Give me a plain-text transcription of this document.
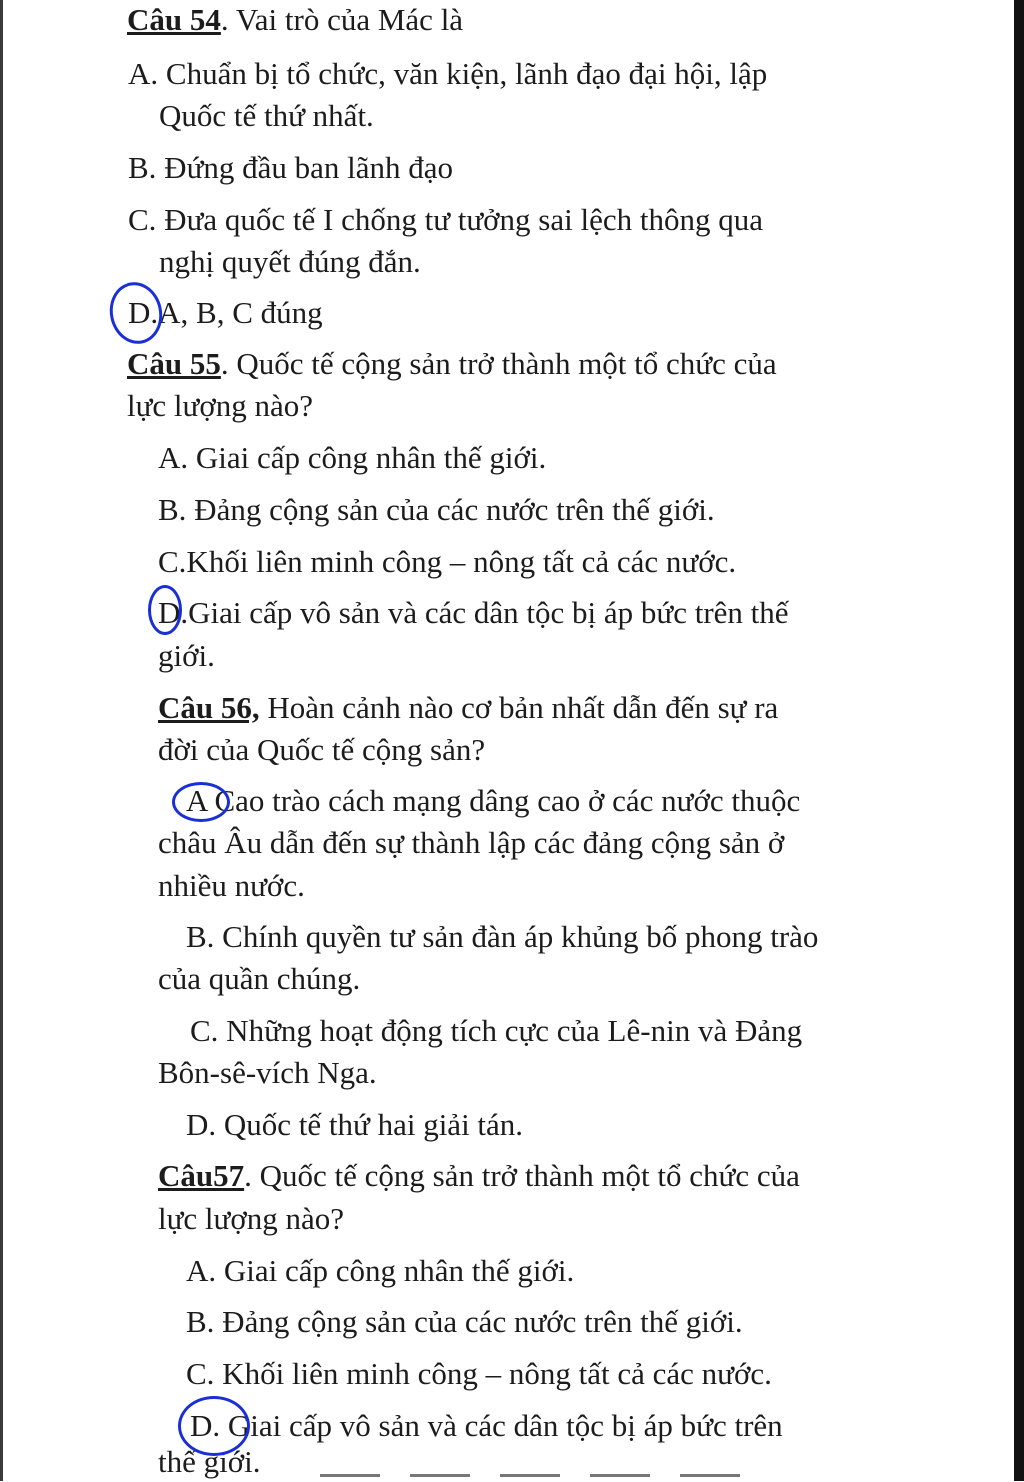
Câu 54. Vai trò của Mác là
A. Chuẩn bị tổ chức, văn kiện, lãnh đạo đại hội, lập
Quốc tế thứ nhất.
B. Đứng đầu ban lãnh đạo
C. Đưa quốc tế I chống tư tưởng sai lệch thông qua
nghị quyết đúng đắn.
D.A, B, C đúng
Câu 55. Quốc tế cộng sản trở thành một tổ chức của
lực lượng nào?
A. Giai cấp công nhân thế giới.
B. Đảng cộng sản của các nước trên thế giới.
C.Khối liên minh công – nông tất cả các nước.
D.Giai cấp vô sản và các dân tộc bị áp bức trên thế
giới.
Câu 56, Hoàn cảnh nào cơ bản nhất dẫn đến sự ra
đời của Quốc tế cộng sản?
A Cao trào cách mạng dâng cao ở các nước thuộc
châu Âu dẫn đến sự thành lập các đảng cộng sản ở
nhiều nước.
B. Chính quyền tư sản đàn áp khủng bố phong trào
của quần chúng.
C. Những hoạt động tích cực của Lê-nin và Đảng
Bôn-sê-vích Nga.
D. Quốc tế thứ hai giải tán.
Câu57. Quốc tế cộng sản trở thành một tổ chức của
lực lượng nào?
A. Giai cấp công nhân thế giới.
B. Đảng cộng sản của các nước trên thế giới.
C. Khối liên minh công – nông tất cả các nước.
D. Giai cấp vô sản và các dân tộc bị áp bức trên
thế giới.
